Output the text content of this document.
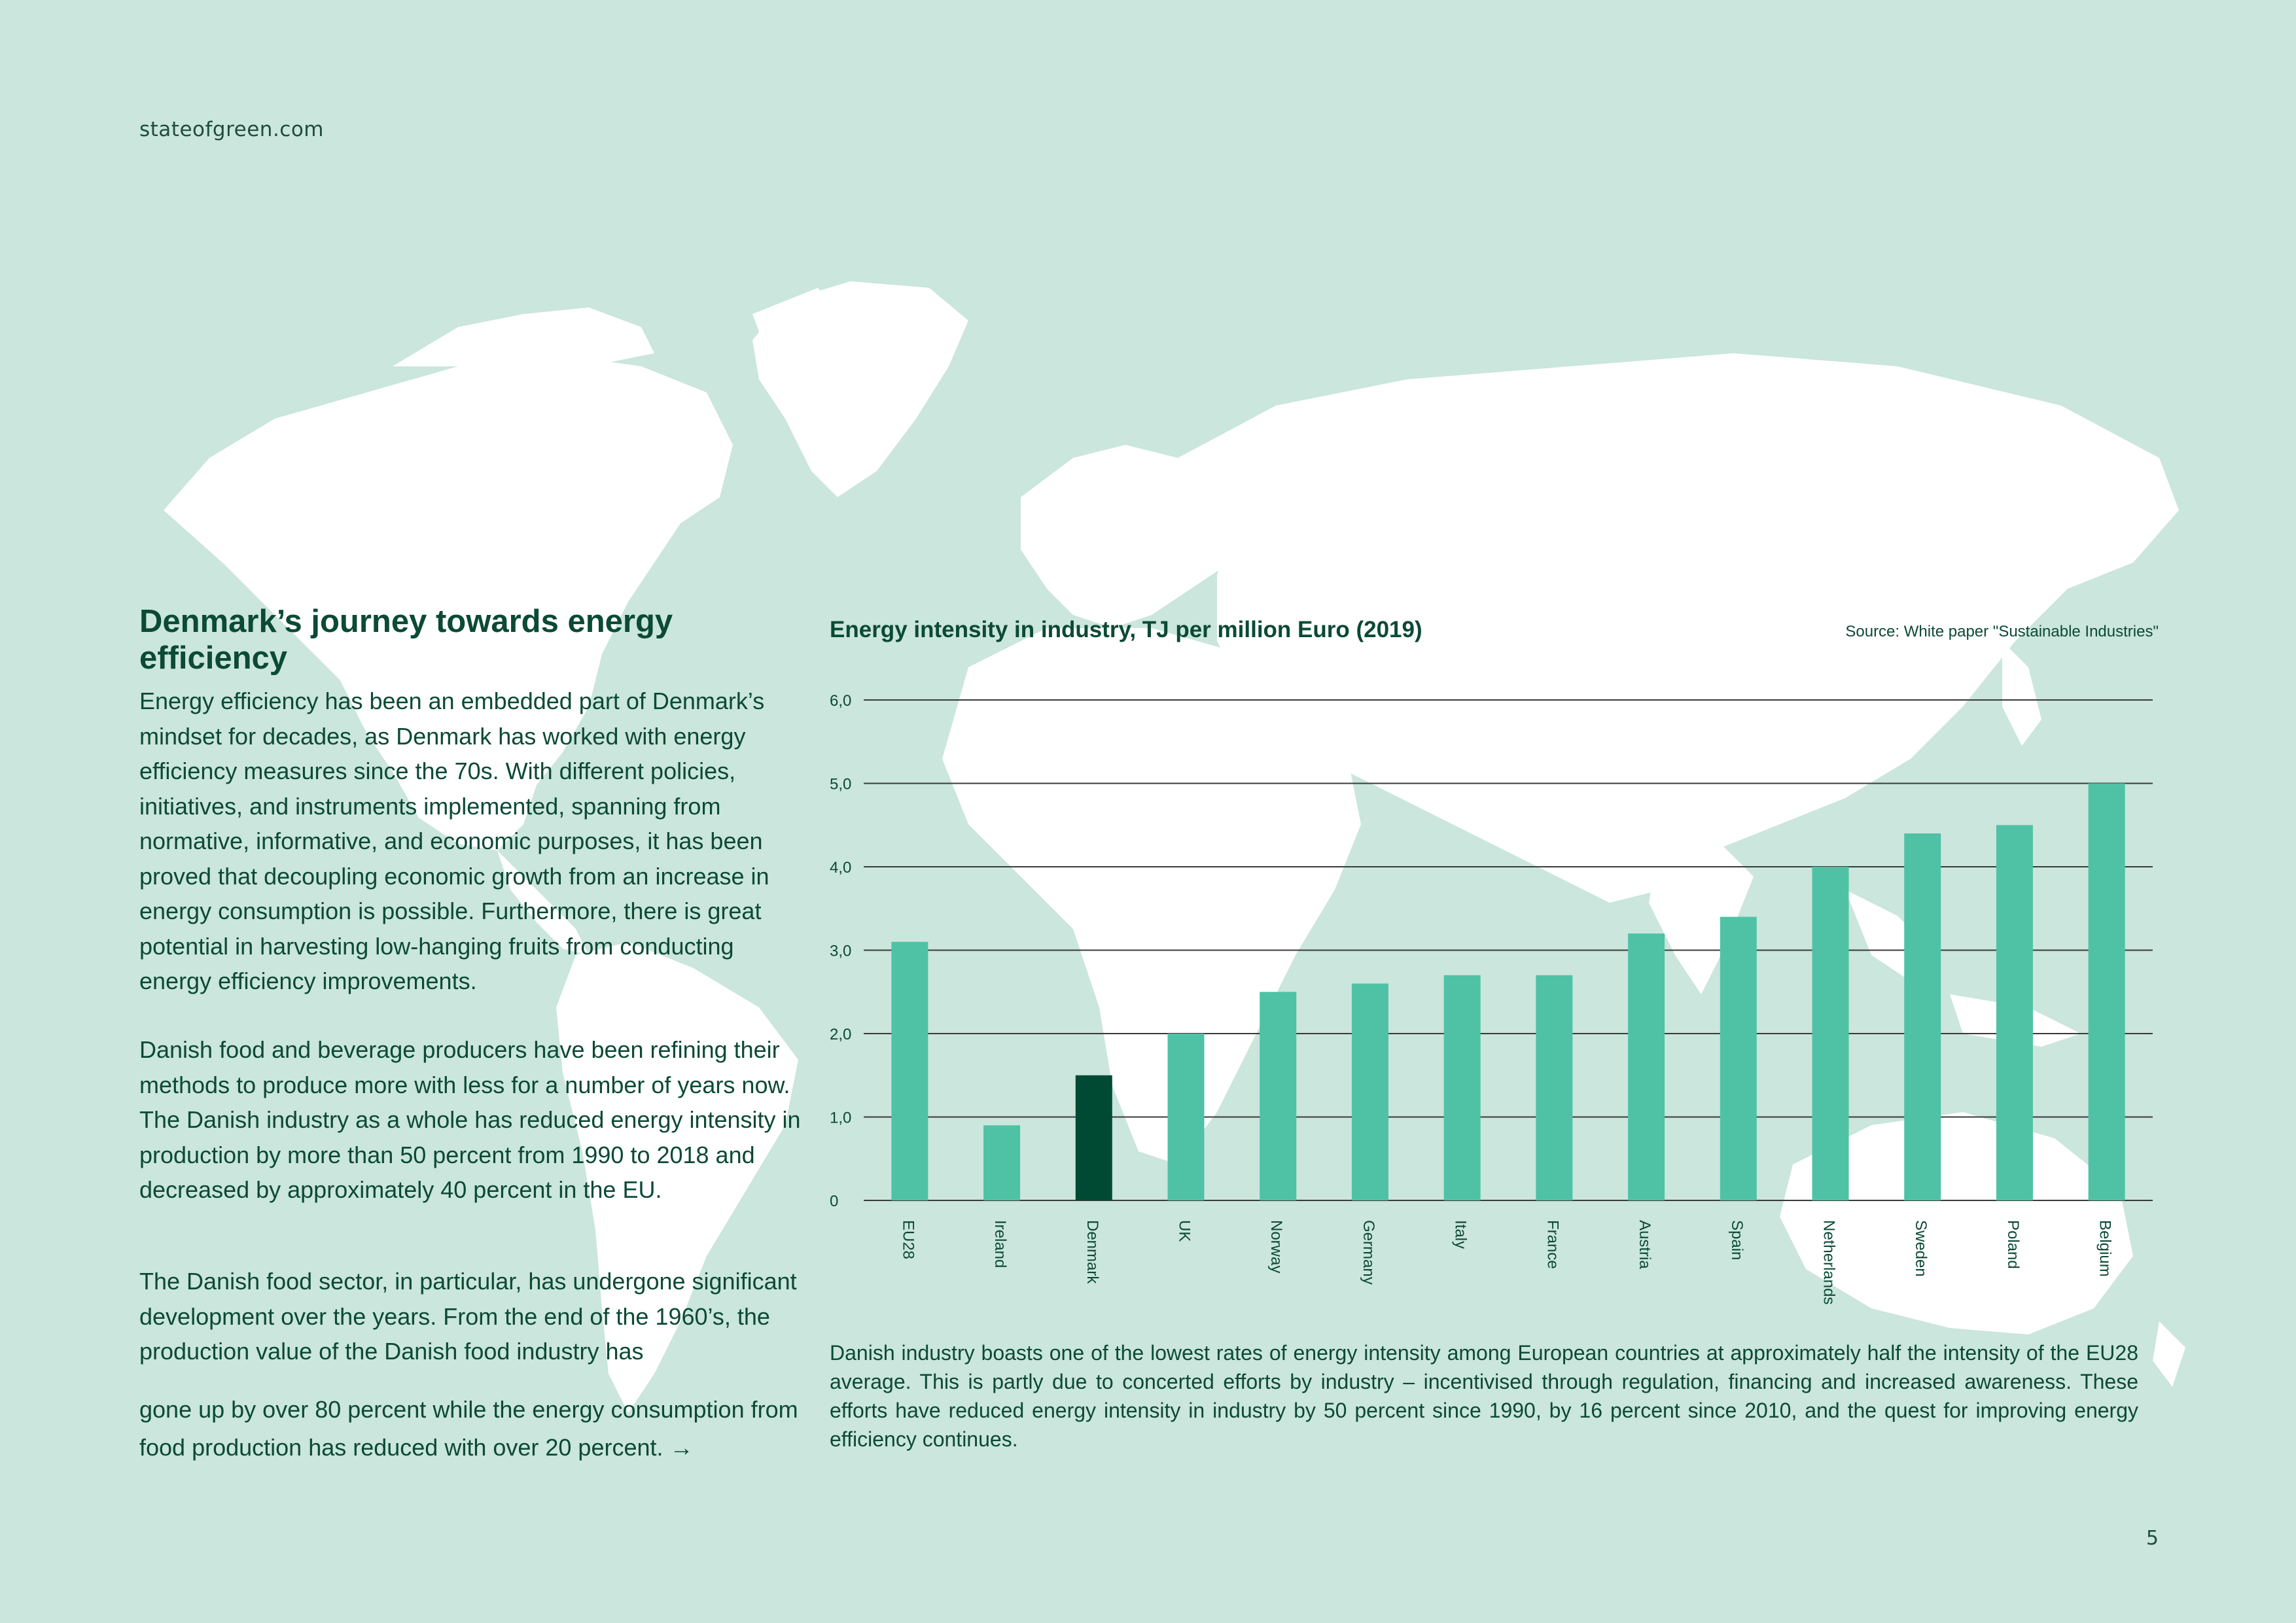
stateofgreen.com
Denmark’s journey towards energy efficiency

Energy efficiency has been an embedded part of Denmark’s mindset for decades, as Denmark has worked with energy efficiency measures since the 70s. With different policies, initiatives, and instruments implemented, spanning from normative, informative, and economic purposes, it has been proved that decoupling economic growth from an increase in energy consumption is possible. Furthermore, there is great potential in harvesting low-hanging fruits from conducting energy efficiency improvements.

Danish food and beverage producers have been refining their methods to produce more with less for a number of years now. The Danish industry as a whole has reduced energy intensity in production by more than 50 percent from 1990 to 2018 and decreased by approximately 40 percent in the EU.

The Danish food sector, in particular, has undergone significant development over the years. From the end of the 1960’s, the production value of the Danish food industry has

gone up by over 80 percent while the energy consumption from food production has reduced with over 20 percent. →

Energy intensity in industry, TJ per million Euro (2019)	Source: White paper "Sustainable Industries"
0
1,0
2,0
3,0
4,0
5,0
6,0
EU28	Ireland	Denmark	UK	Norway	Germany	Italy	France	Austria	Spain	Netherlands	Sweden	Poland	Belgium

Danish industry boasts one of the lowest rates of energy intensity among European countries at approximately half the intensity of the EU28 average. This is partly due to concerted efforts by industry – incentivised through regulation, financing and increased awareness. These efforts have reduced energy intensity in industry by 50 percent since 1990, by 16 percent since 2010, and the quest for improving energy efficiency continues.

5
